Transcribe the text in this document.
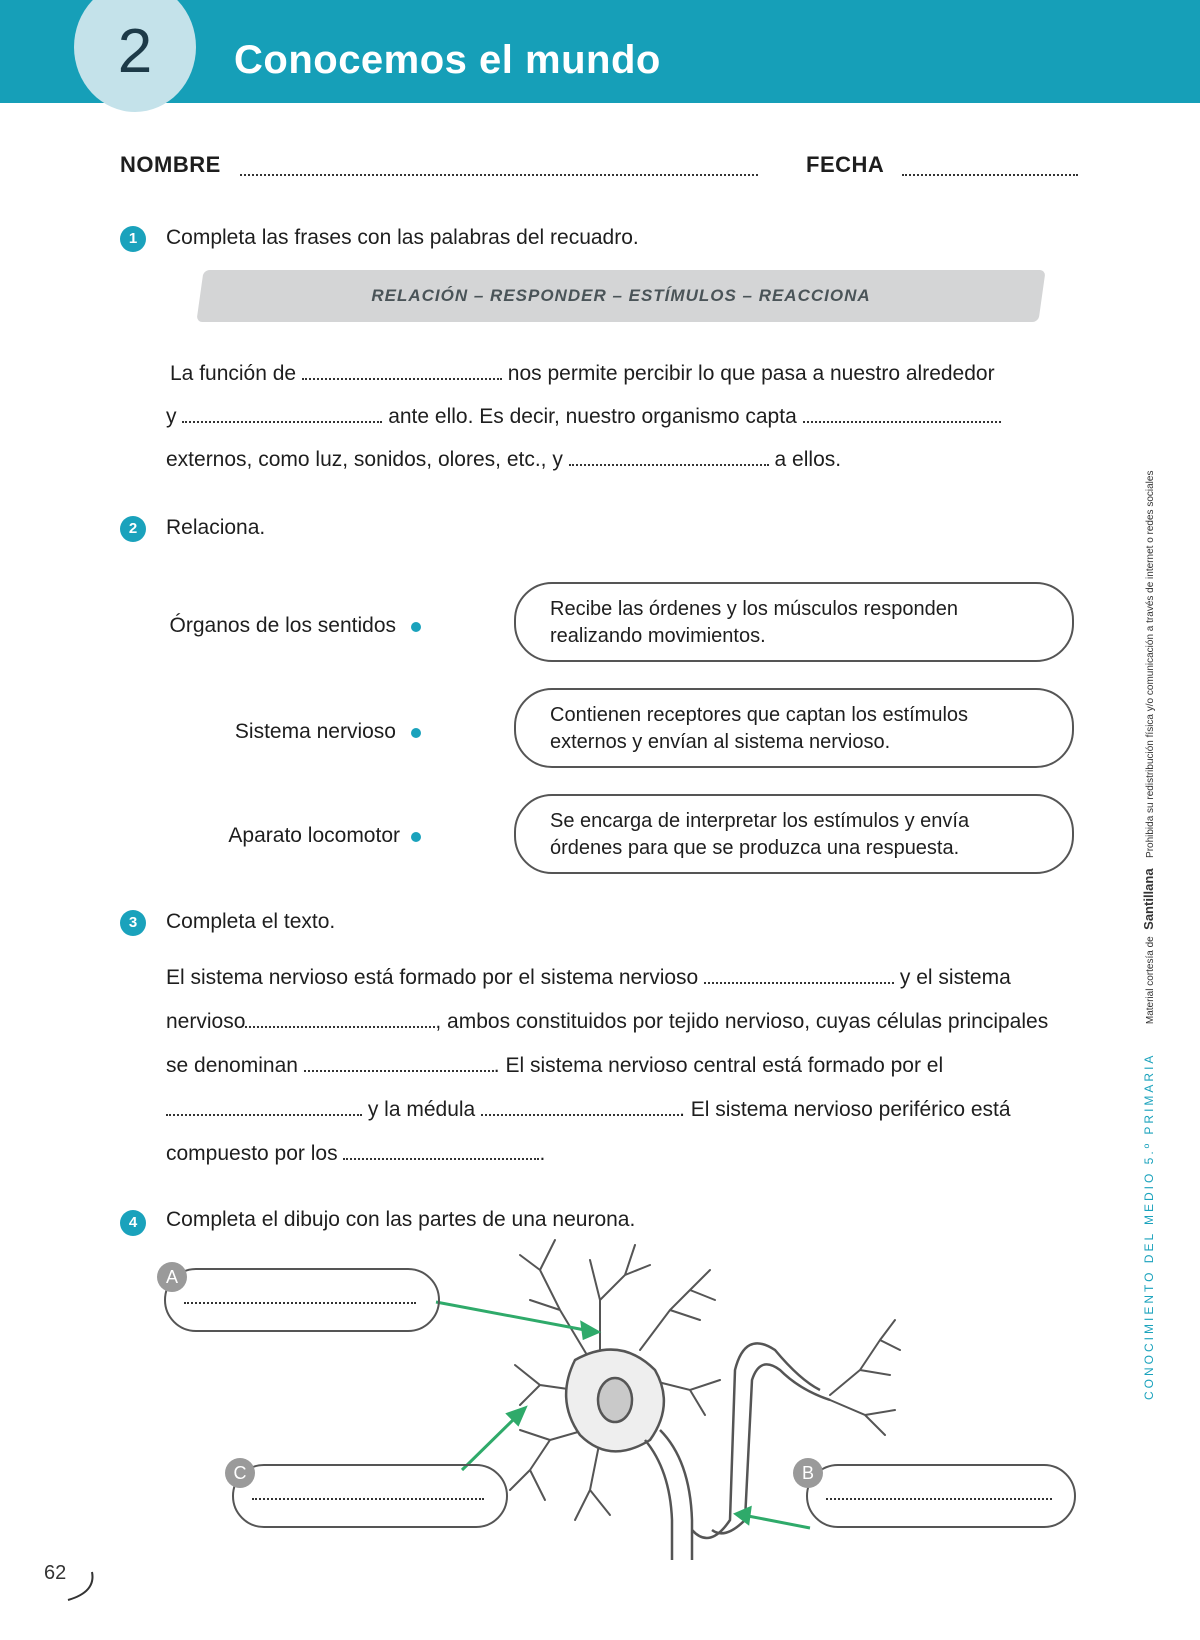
2	Conocemos el mundo
NOMBRE	FECHA
1	Completa las frases con las palabras del recuadro.
RELACIÓN – RESPONDER – ESTÍMULOS – REACCIONA
La función de	nos permite percibir lo que pasa a nuestro alrededor
y	ante ello. Es decir, nuestro organismo capta
externos, como luz, sonidos, olores, etc., y	a ellos.
2	Relaciona.
Órganos de los sentidos
Sistema nervioso
Aparato locomotor
Recibe las órdenes y los músculos responden
realizando movimientos.
Contienen receptores que captan los estímulos
externos y envían al sistema nervioso.
Se encarga de interpretar los estímulos y envía
órdenes para que se produzca una respuesta.
3	Completa el texto.
El sistema nervioso está formado por el sistema nervioso	y el sistema
nervioso	, ambos constituidos por tejido nervioso, cuyas células principales
se denominan	. El sistema nervioso central está formado por el
y la médula	. El sistema nervioso periférico está
compuesto por los	.
4	Completa el dibujo con las partes de una neurona.
A
B
C
CONOCIMIENTO DEL MEDIO 5.º PRIMARIA Material cortesía de Santillana Prohibida su redistribución física y/o comunicación a través de internet o redes sociales
62
